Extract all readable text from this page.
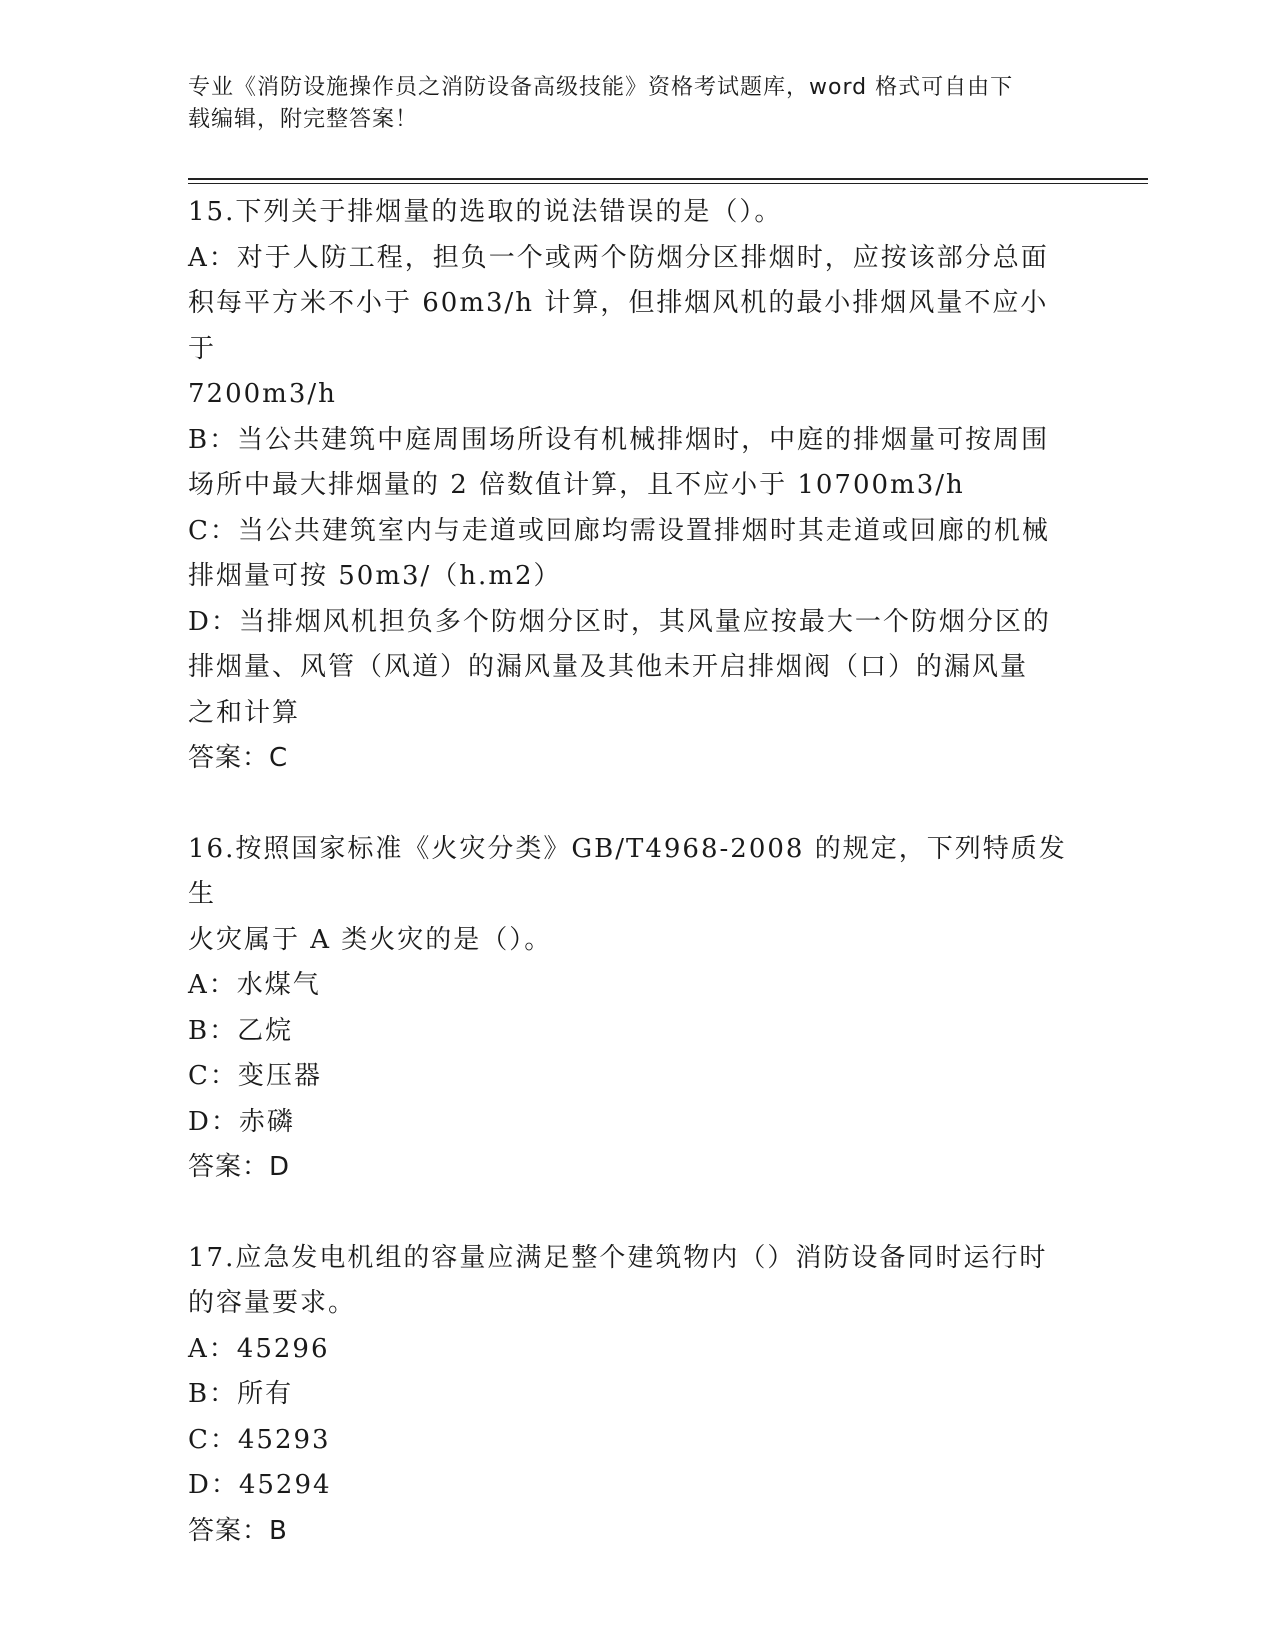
专业《消防设施操作员之消防设备高级技能》资格考试题库，word 格式可自由下
载编辑，附完整答案！
15.下列关于排烟量的选取的说法错误的是（）。
A：对于人防工程，担负一个或两个防烟分区排烟时，应按该部分总面
积每平方米不小于 60m3/h 计算，但排烟风机的最小排烟风量不应小于
7200m3/h
B：当公共建筑中庭周围场所设有机械排烟时，中庭的排烟量可按周围
场所中最大排烟量的 2 倍数值计算，且不应小于 10700m3/h
C：当公共建筑室内与走道或回廊均需设置排烟时其走道或回廊的机械
排烟量可按 50m3/（h.m2）
D：当排烟风机担负多个防烟分区时，其风量应按最大一个防烟分区的
排烟量、风管（风道）的漏风量及其他未开启排烟阀（口）的漏风量
之和计算
答案：C
16.按照国家标准《火灾分类》GB/T4968-2008 的规定，下列特质发生
火灾属于 A 类火灾的是（）。
A：水煤气
B：乙烷
C：变压器
D：赤磷
答案：D
17.应急发电机组的容量应满足整个建筑物内（）消防设备同时运行时
的容量要求。
A：45296
B：所有
C：45293
D：45294
答案：B
